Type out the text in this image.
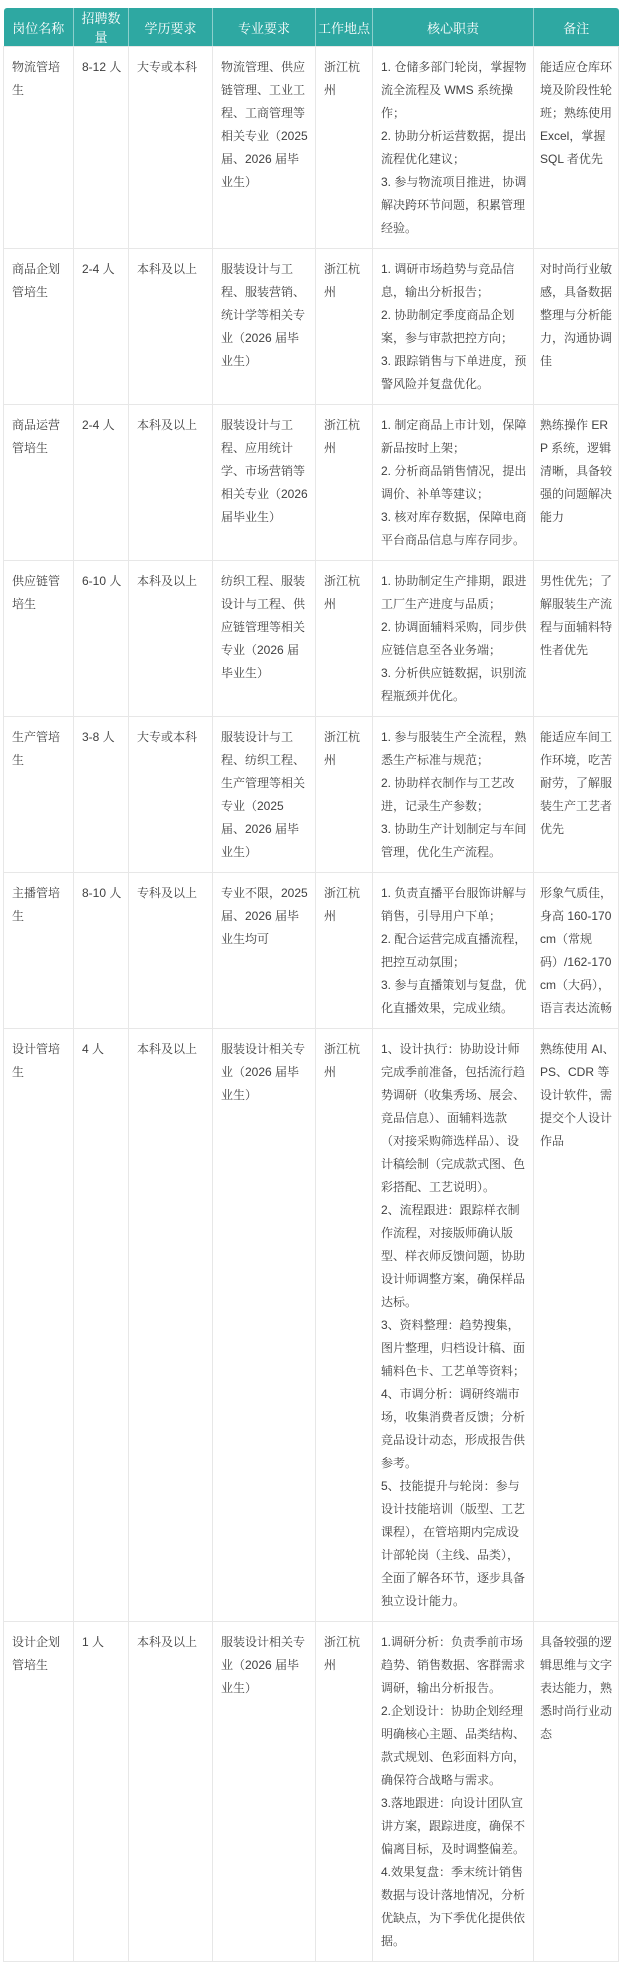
岗位名称	招聘数量	学历要求	专业要求	工作地点	核心职责	备注
物流管培生	8-12 人	大专或本科	物流管理、供应链管理、工业工程、工商管理等相关专业（2025 届、2026 届毕业生）	浙江杭州	1. 仓储多部门轮岗，掌握物流全流程及 WMS 系统操作；

2. 协助分析运营数据，提出流程优化建议；

3. 参与物流项目推进，协调解决跨环节问题，积累管理经验。	能适应仓库环境及阶段性轮班；熟练使用 Excel，掌握 SQL 者优先
商品企划管培生	2-4 人	本科及以上	服装设计与工程、服装营销、统计学等相关专业（2026 届毕业生）	浙江杭州	1. 调研市场趋势与竞品信息，输出分析报告；

2. 协助制定季度商品企划案，参与审款把控方向；

3. 跟踪销售与下单进度，预警风险并复盘优化。	对时尚行业敏感，具备数据整理与分析能力，沟通协调佳
商品运营管培生	2-4 人	本科及以上	服装设计与工程、应用统计学、市场营销等相关专业（2026 届毕业生）	浙江杭州	1. 制定商品上市计划，保障新品按时上架；

2. 分析商品销售情况，提出调价、补单等建议；

3. 核对库存数据，保障电商平台商品信息与库存同步。	熟练操作 ERP 系统，逻辑清晰，具备较强的问题解决能力
供应链管培生	6-10 人	本科及以上	纺织工程、服装设计与工程、供应链管理等相关专业（2026 届毕业生）	浙江杭州	1. 协助制定生产排期，跟进工厂生产进度与品质；

2. 协调面辅料采购，同步供应链信息至各业务端；

3. 分析供应链数据，识别流程瓶颈并优化。	男性优先；了解服装生产流程与面辅料特性者优先
生产管培生	3-8 人	大专或本科	服装设计与工程、纺织工程、生产管理等相关专业（2025 届、2026 届毕业生）	浙江杭州	1. 参与服装生产全流程，熟悉生产标准与规范；

2. 协助样衣制作与工艺改进，记录生产参数；

3. 协助生产计划制定与车间管理，优化生产流程。	能适应车间工作环境，吃苦耐劳，了解服装生产工艺者优先
主播管培生	8-10 人	专科及以上	专业不限，2025 届、2026 届毕业生均可	浙江杭州	1. 负责直播平台服饰讲解与销售，引导用户下单；

2. 配合运营完成直播流程，把控互动氛围；

3. 参与直播策划与复盘，优化直播效果，完成业绩。	形象气质佳，身高 160-170cm（常规码）/162-170cm（大码），语言表达流畅
设计管培生	4 人	本科及以上	服装设计相关专业（2026 届毕业生）	浙江杭州	1、设计执行：协助设计师完成季前准备，包括流行趋势调研（收集秀场、展会、竞品信息）、面辅料选款（对接采购筛选样品）、设计稿绘制（完成款式图、色彩搭配、工艺说明）。

2、流程跟进：跟踪样衣制作流程，对接版师确认版型、样衣师反馈问题，协助设计师调整方案，确保样品达标。

3、资料整理：趋势搜集，图片整理，归档设计稿、面辅料色卡、工艺单等资料；

4、市调分析：调研终端市场，收集消费者反馈；分析竞品设计动态，形成报告供参考。

5、技能提升与轮岗：参与设计技能培训（版型、工艺课程），在管培期内完成设计部轮岗（主线、品类），全面了解各环节，逐步具备独立设计能力。	熟练使用 AI、PS、CDR 等设计软件，需提交个人设计作品
设计企划管培生	1 人	本科及以上	服装设计相关专业（2026 届毕业生）	浙江杭州	1.调研分析：负责季前市场趋势、销售数据、客群需求调研，输出分析报告。

2.企划设计：协助企划经理明确核心主题、品类结构、款式规划、色彩面料方向，确保符合战略与需求。

3.落地跟进：向设计团队宣讲方案，跟踪进度，确保不偏离目标，及时调整偏差。

4.效果复盘：季末统计销售数据与设计落地情况，分析优缺点，为下季优化提供依据。	具备较强的逻辑思维与文字表达能力，熟悉时尚行业动态
